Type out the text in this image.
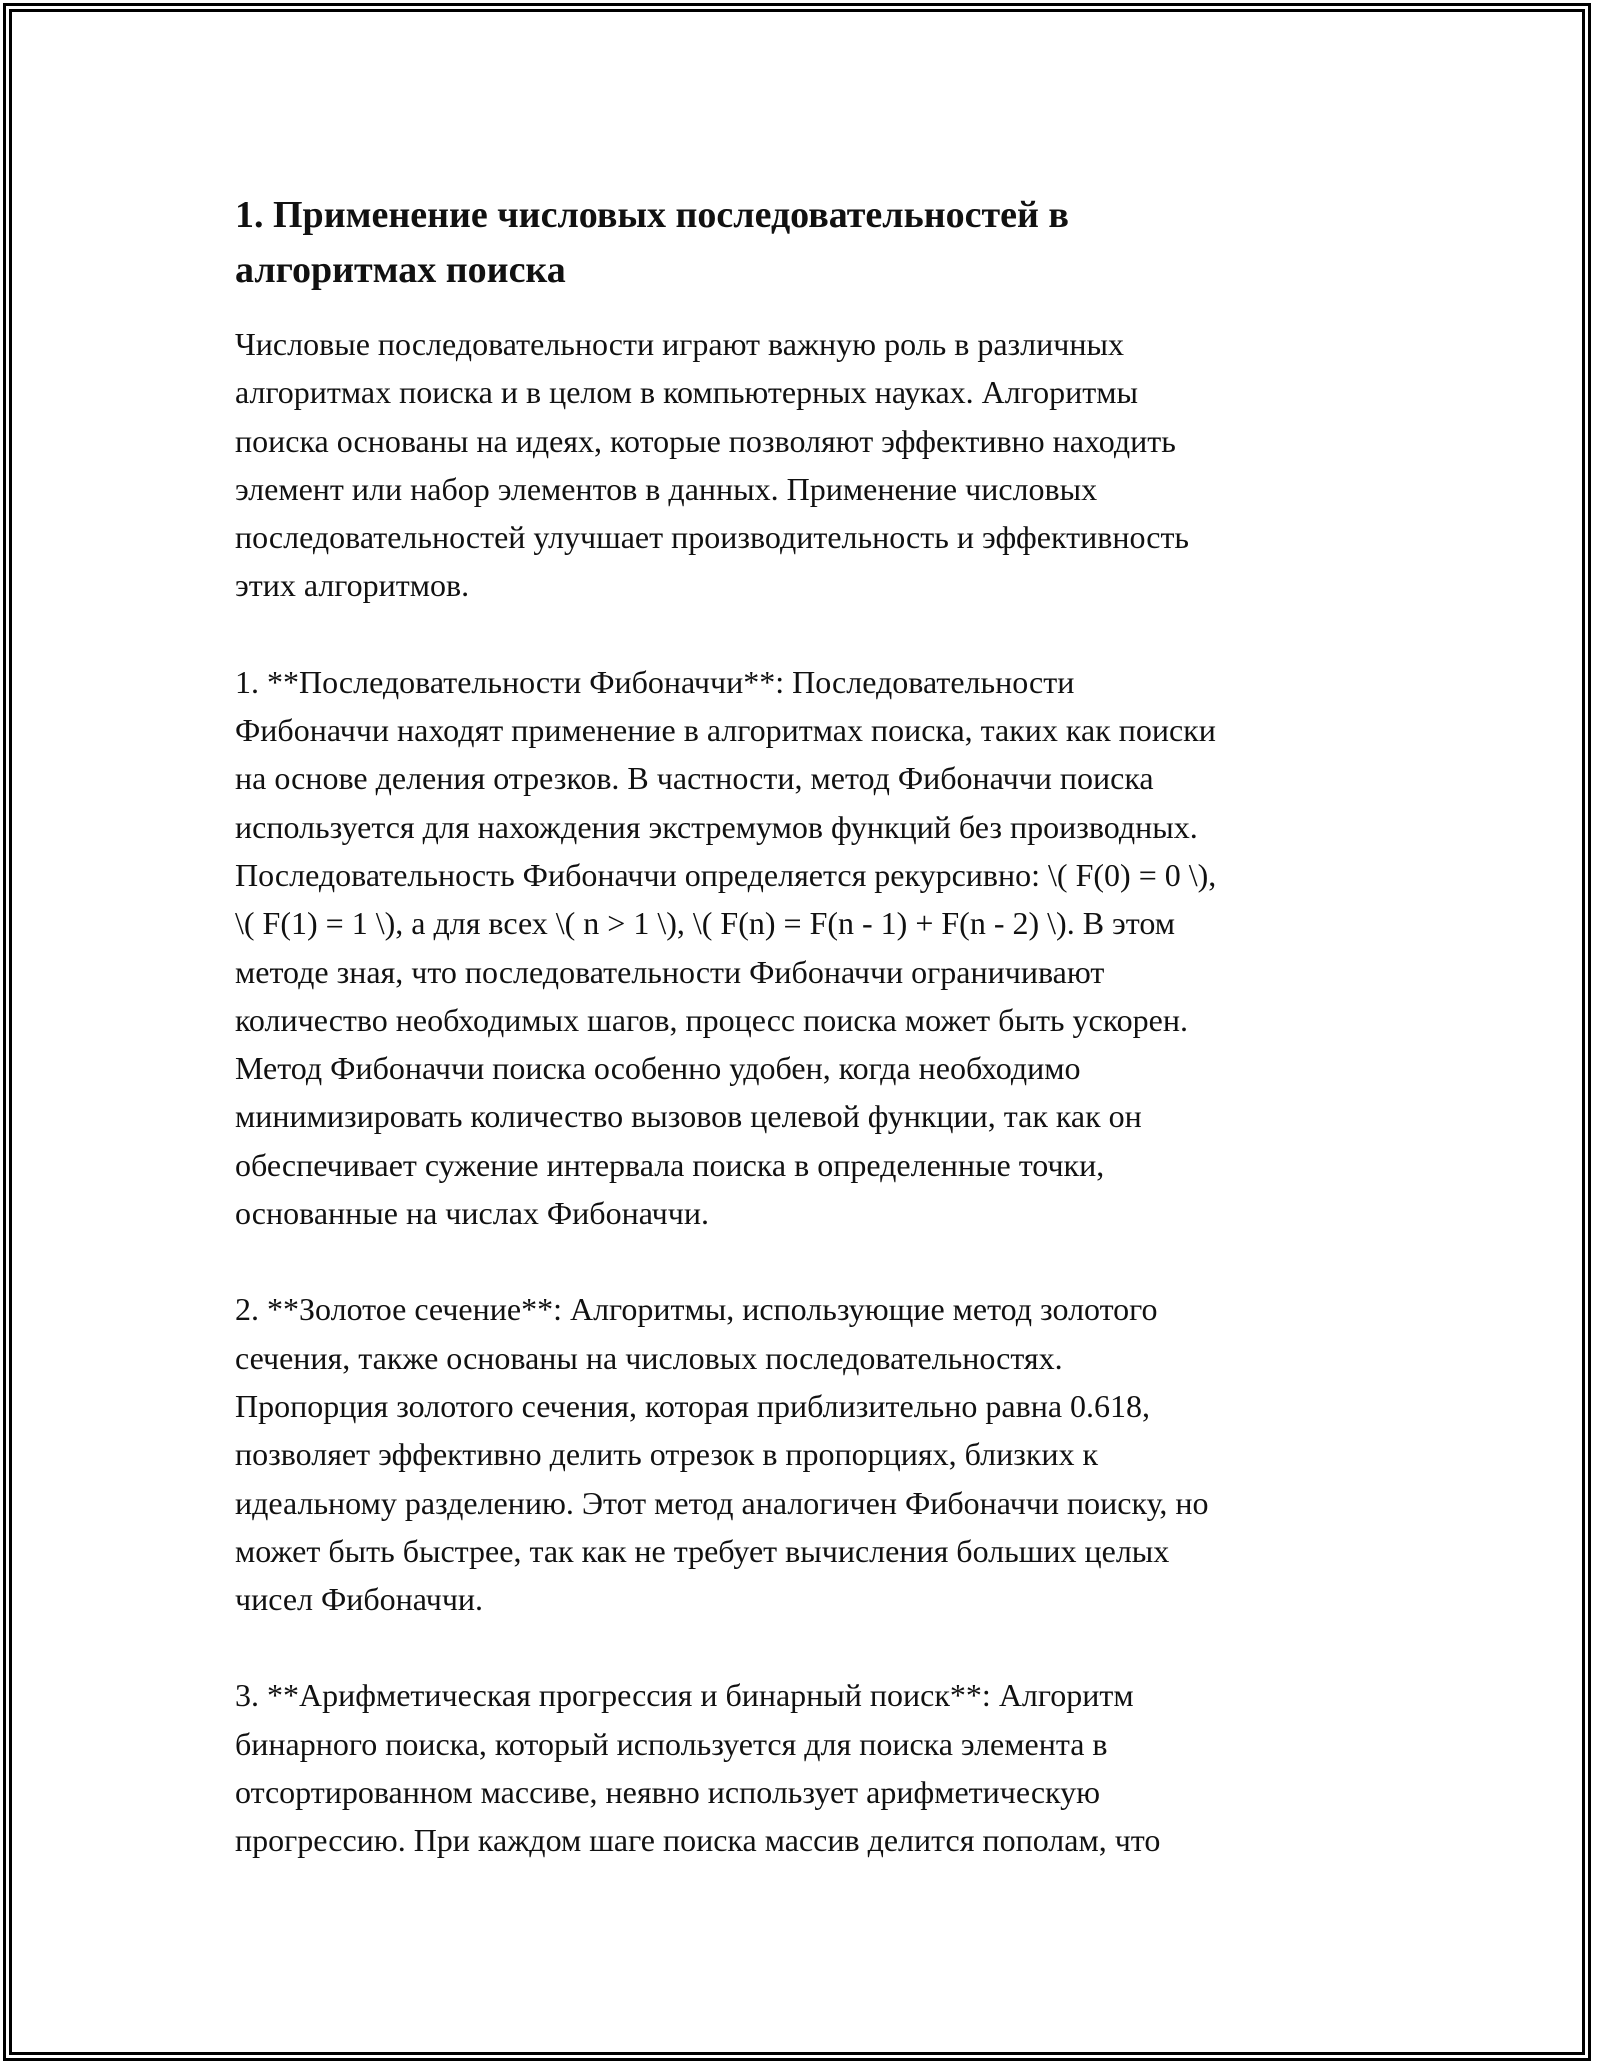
1. Применение числовых последовательностей в
алгоритмах поиска

Числовые последовательности играют важную роль в различных
алгоритмах поиска и в целом в компьютерных науках. Алгоритмы
поиска основаны на идеях, которые позволяют эффективно находить
элемент или набор элементов в данных. Применение числовых
последовательностей улучшает производительность и эффективность
этих алгоритмов.

1. **Последовательности Фибоначчи**: Последовательности
Фибоначчи находят применение в алгоритмах поиска, таких как поиски
на основе деления отрезков. В частности, метод Фибоначчи поиска
используется для нахождения экстремумов функций без производных.
Последовательность Фибоначчи определяется рекурсивно: \( F(0) = 0 \),
\( F(1) = 1 \), а для всех \( n > 1 \), \( F(n) = F(n - 1) + F(n - 2) \). В этом
методе зная, что последовательности Фибоначчи ограничивают
количество необходимых шагов, процесс поиска может быть ускорен.
Метод Фибоначчи поиска особенно удобен, когда необходимо
минимизировать количество вызовов целевой функции, так как он
обеспечивает сужение интервала поиска в определенные точки,
основанные на числах Фибоначчи.

2. **Золотое сечение**: Алгоритмы, использующие метод золотого
сечения, также основаны на числовых последовательностях.
Пропорция золотого сечения, которая приблизительно равна 0.618,
позволяет эффективно делить отрезок в пропорциях, близких к
идеальному разделению. Этот метод аналогичен Фибоначчи поиску, но
может быть быстрее, так как не требует вычисления больших целых
чисел Фибоначчи.

3. **Арифметическая прогрессия и бинарный поиск**: Алгоритм
бинарного поиска, который используется для поиска элемента в
отсортированном массиве, неявно использует арифметическую
прогрессию. При каждом шаге поиска массив делится пополам, что
